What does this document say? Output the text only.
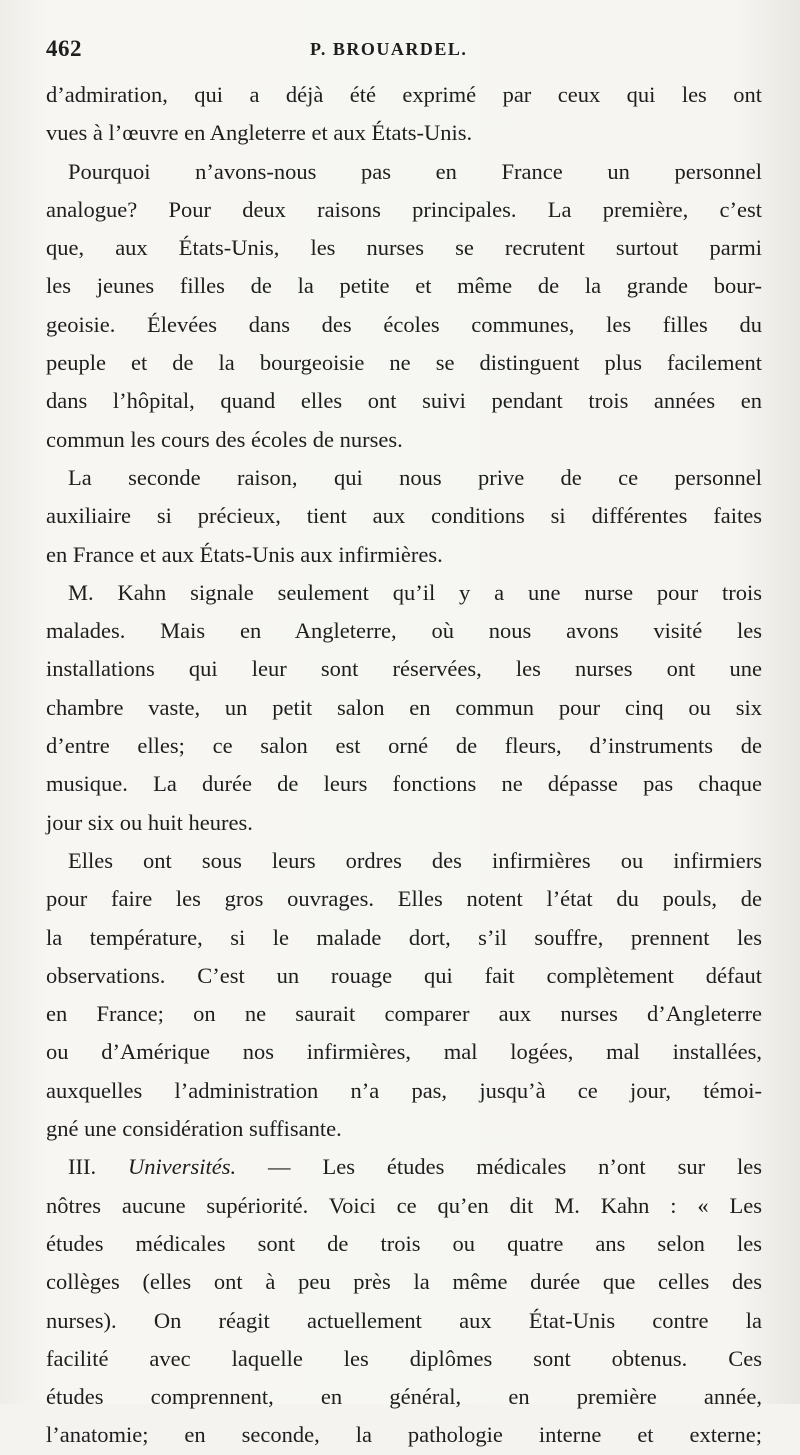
462	P. BROUARDEL.
d’admiration, qui a déjà été exprimé par ceux qui les ont
vues à l’œuvre en Angleterre et aux États-Unis.
Pourquoi n’avons-nous pas en France un personnel
analogue? Pour deux raisons principales. La première, c’est
que, aux États-Unis, les nurses se recrutent surtout parmi
les jeunes filles de la petite et même de la grande bour-
geoisie. Élevées dans des écoles communes, les filles du
peuple et de la bourgeoisie ne se distinguent plus facilement
dans l’hôpital, quand elles ont suivi pendant trois années en
commun les cours des écoles de nurses.
La seconde raison, qui nous prive de ce personnel
auxiliaire si précieux, tient aux conditions si différentes faites
en France et aux États-Unis aux infirmières.
M. Kahn signale seulement qu’il y a une nurse pour trois
malades. Mais en Angleterre, où nous avons visité les
installations qui leur sont réservées, les nurses ont une
chambre vaste, un petit salon en commun pour cinq ou six
d’entre elles; ce salon est orné de fleurs, d’instruments de
musique. La durée de leurs fonctions ne dépasse pas chaque
jour six ou huit heures.
Elles ont sous leurs ordres des infirmières ou infirmiers
pour faire les gros ouvrages. Elles notent l’état du pouls, de
la température, si le malade dort, s’il souffre, prennent les
observations. C’est un rouage qui fait complètement défaut
en France; on ne saurait comparer aux nurses d’Angleterre
ou d’Amérique nos infirmières, mal logées, mal installées,
auxquelles l’administration n’a pas, jusqu’à ce jour, témoi-
gné une considération suffisante.
III. Universités. — Les études médicales n’ont sur les
nôtres aucune supériorité. Voici ce qu’en dit M. Kahn : « Les
études médicales sont de trois ou quatre ans selon les
collèges (elles ont à peu près la même durée que celles des
nurses). On réagit actuellement aux État-Unis contre la
facilité avec laquelle les diplômes sont obtenus. Ces
études comprennent, en général, en première année,
l’anatomie; en seconde, la pathologie interne et externe;
